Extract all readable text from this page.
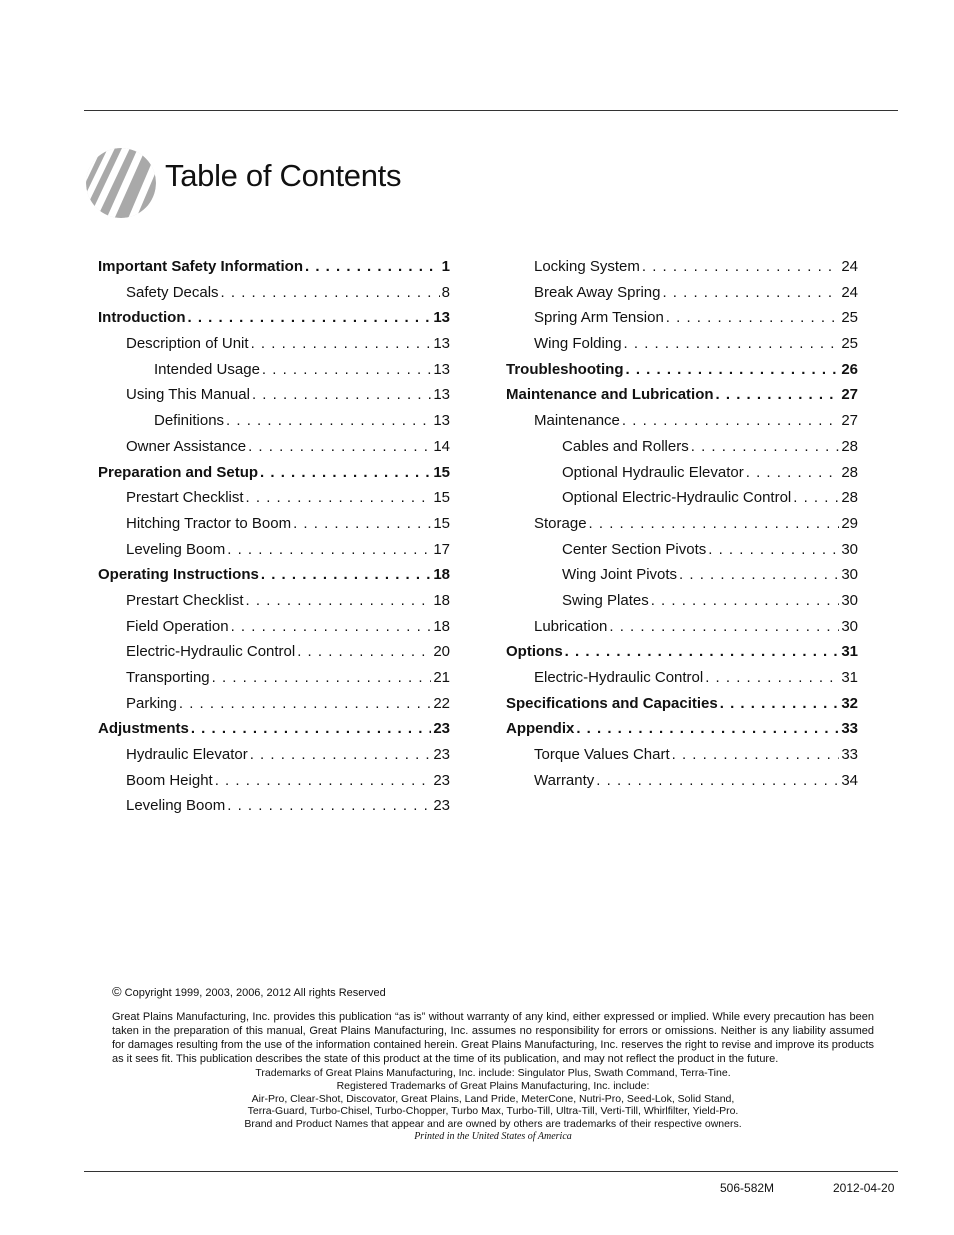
Table of Contents
Important Safety Information . . .	1
Safety Decals . . .	8
Introduction . . .	13
Description of Unit . . .	13
Intended Usage . . .	13
Using This Manual . . .	13
Definitions . . .	13
Owner Assistance . . .	14
Preparation and Setup . . .	15
Prestart Checklist . . .	15
Hitching Tractor to Boom . . .	15
Leveling Boom . . .	17
Operating Instructions . . .	18
Prestart Checklist . . .	18
Field Operation . . .	18
Electric-Hydraulic Control . . .	20
Transporting . . .	21
Parking . . .	22
Adjustments . . .	23
Hydraulic Elevator . . .	23
Boom Height . . .	23
Leveling Boom . . .	23
Locking System . . .	24
Break Away Spring . . .	24
Spring Arm Tension . . .	25
Wing Folding . . .	25
Troubleshooting . . .	26
Maintenance and Lubrication . . .	27
Maintenance . . .	27
Cables and Rollers . . .	28
Optional Hydraulic Elevator . . .	28
Optional Electric-Hydraulic Control . . .	28
Storage . . .	29
Center Section Pivots . . .	30
Wing Joint Pivots . . .	30
Swing Plates . . .	30
Lubrication . . .	30
Options . . .	31
Electric-Hydraulic Control . . .	31
Specifications and Capacities . . .	32
Appendix . . .	33
Torque Values Chart . . .	33
Warranty . . .	34
© Copyright 1999, 2003, 2006, 2012 All rights Reserved
Great Plains Manufacturing, Inc. provides this publication “as is” without warranty of any kind, either expressed or implied. While every precaution has been taken in the preparation of this manual, Great Plains Manufacturing, Inc. assumes no responsibility for errors or omissions. Neither is any liability assumed for damages resulting from the use of the information contained herein. Great Plains Manufacturing, Inc. reserves the right to revise and improve its products as it sees fit. This publication describes the state of this product at the time of its publication, and may not reflect the product in the future.
Trademarks of Great Plains Manufacturing, Inc. include: Singulator Plus, Swath Command, Terra-Tine.
Registered Trademarks of Great Plains Manufacturing, Inc. include:
Air-Pro, Clear-Shot, Discovator, Great Plains, Land Pride, MeterCone, Nutri-Pro, Seed-Lok, Solid Stand,
Terra-Guard, Turbo-Chisel, Turbo-Chopper, Turbo Max, Turbo-Till, Ultra-Till, Verti-Till, Whirlfilter, Yield-Pro.
Brand and Product Names that appear and are owned by others are trademarks of their respective owners.
Printed in the United States of America
506-582M	2012-04-20
